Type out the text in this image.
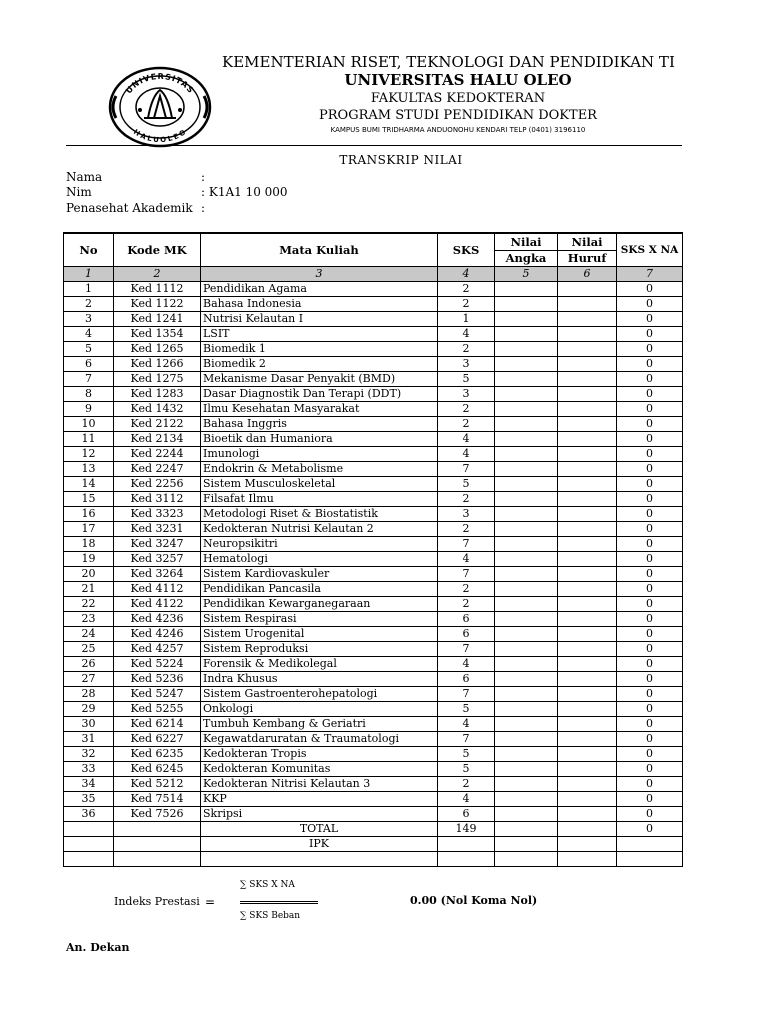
UNIVERSITAS
HALUOLEO
KEMENTERIAN RISET, TEKNOLOGI DAN PENDIDIKAN TI
UNIVERSITAS HALU OLEO
FAKULTAS KEDOKTERAN
PROGRAM STUDI PENDIDIKAN DOKTER
KAMPUS BUMI TRIDHARMA ANDUONOHU KENDARI TELP (0401) 3196110
TRANSKRIP NILAI
Nama	:
Nim	: K1A1 10 000
Penasehat Akademik :
No	Kode MK	Mata Kuliah	SKS	Nilai	Nilai	SKS X NA
				Angka	Huruf	
1	2	3	4	5	6	7
1	Ked 1112	Pendidikan Agama	2			0
2	Ked 1122	Bahasa Indonesia	2			0
3	Ked 1241	Nutrisi Kelautan I	1			0
4	Ked 1354	LSIT	4			0
5	Ked 1265	Biomedik 1	2			0
6	Ked 1266	Biomedik 2	3			0
7	Ked 1275	Mekanisme Dasar Penyakit (BMD)	5			0
8	Ked 1283	Dasar Diagnostik Dan Terapi (DDT)	3			0
9	Ked 1432	Ilmu Kesehatan Masyarakat	2			0
10	Ked 2122	Bahasa Inggris	2			0
11	Ked 2134	Bioetik dan Humaniora	4			0
12	Ked 2244	Imunologi	4			0
13	Ked 2247	Endokrin & Metabolisme	7			0
14	Ked 2256	Sistem Musculoskeletal	5			0
15	Ked 3112	Filsafat Ilmu	2			0
16	Ked 3323	Metodologi Riset & Biostatistik	3			0
17	Ked 3231	Kedokteran Nutrisi Kelautan 2	2			0
18	Ked 3247	Neuropsikitri	7			0
19	Ked 3257	Hematologi	4			0
20	Ked 3264	Sistem Kardiovaskuler	7			0
21	Ked 4112	Pendidikan Pancasila	2			0
22	Ked 4122	Pendidikan Kewarganegaraan	2			0
23	Ked 4236	Sistem Respirasi	6			0
24	Ked 4246	Sistem Urogenital	6			0
25	Ked 4257	Sistem Reproduksi	7			0
26	Ked 5224	Forensik & Medikolegal	4			0
27	Ked 5236	Indra Khusus	6			0
28	Ked 5247	Sistem Gastroenterohepatologi	7			0
29	Ked 5255	Onkologi	5			0
30	Ked 6214	Tumbuh Kembang & Geriatri	4			0
31	Ked 6227	Kegawatdaruratan & Traumatologi	7			0
32	Ked 6235	Kedokteran Tropis	5			0
33	Ked 6245	Kedokteran Komunitas	5			0
34	Ked 5212	Kedokteran Nitrisi Kelautan 3	2			0
35	Ked 7514	KKP	4			0
36	Ked 7526	Skripsi	6			0
		TOTAL	149			0
		IPK				

Indeks Prestasi =
∑ SKS X NA
∑ SKS Beban
0.00 (Nol Koma Nol)
An. Dekan
